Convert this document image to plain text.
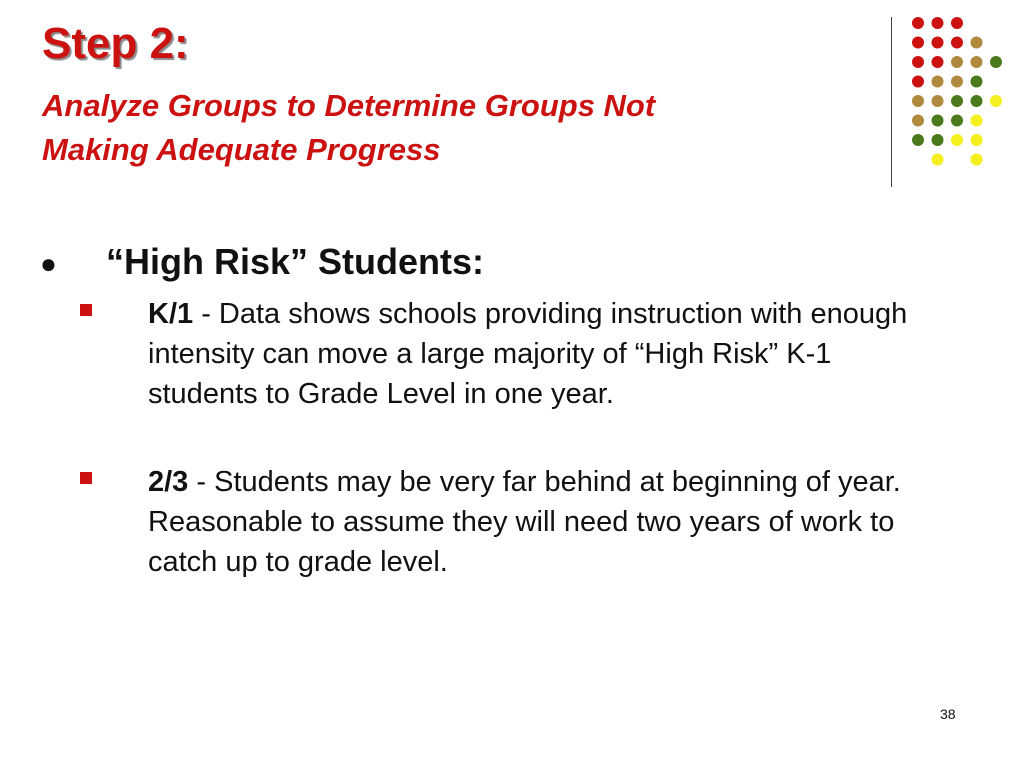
Step 2:
Analyze Groups to Determine Groups Not
Making Adequate Progress
● “High Risk” Students:
K/1 - Data shows schools providing instruction with enough intensity can move a large majority of “High Risk” K-1 students to Grade Level in one year.
2/3 - Students may be very far behind at beginning of year. Reasonable to assume they will need two years of work to catch up to grade level.
38
